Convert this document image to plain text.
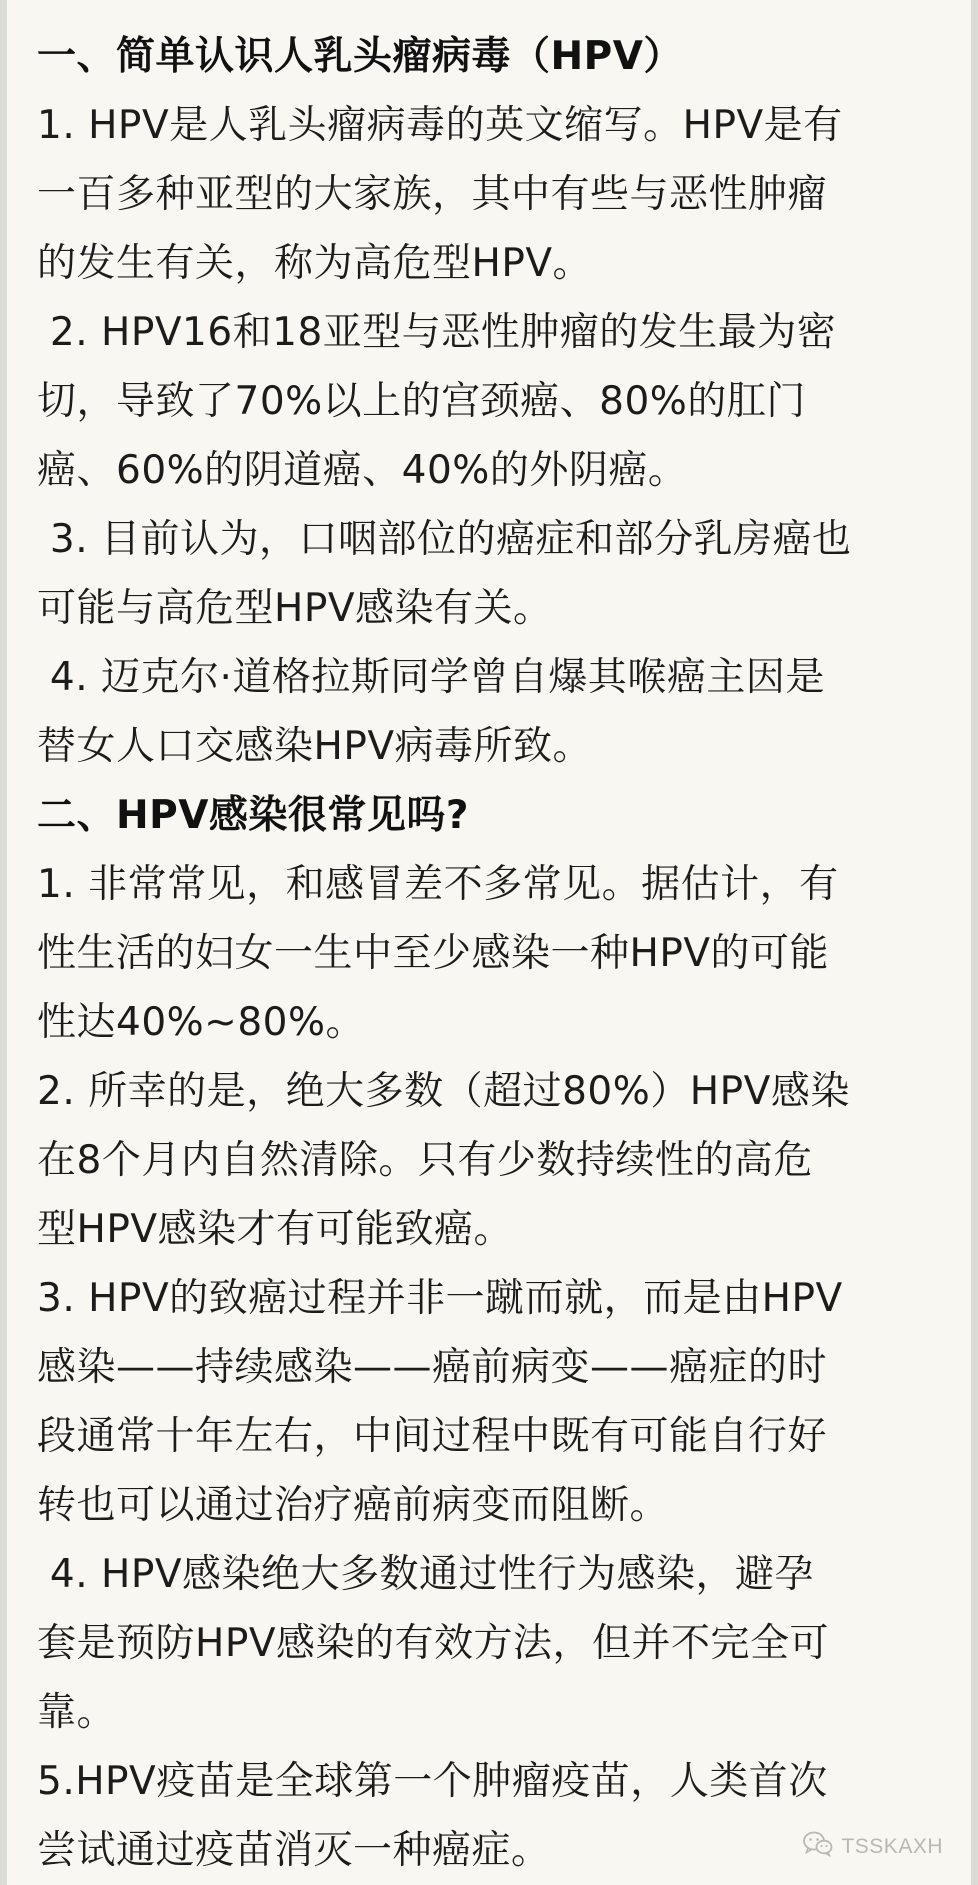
一、简单认识人乳头瘤病毒（HPV）
1. HPV是人乳头瘤病毒的英文缩写。HPV是有
一百多种亚型的大家族，其中有些与恶性肿瘤
的发生有关，称为高危型HPV。
2. HPV16和18亚型与恶性肿瘤的发生最为密
切，导致了70%以上的宫颈癌、80%的肛门
癌、60%的阴道癌、40%的外阴癌。
3. 目前认为，口咽部位的癌症和部分乳房癌也
可能与高危型HPV感染有关。
4. 迈克尔·道格拉斯同学曾自爆其喉癌主因是
替女人口交感染HPV病毒所致。
二、HPV感染很常见吗?
1. 非常常见，和感冒差不多常见。据估计，有
性生活的妇女一生中至少感染一种HPV的可能
性达40%~80%。
2. 所幸的是，绝大多数（超过80%）HPV感染
在8个月内自然清除。只有少数持续性的高危
型HPV感染才有可能致癌。
3. HPV的致癌过程并非一蹴而就，而是由HPV
感染——持续感染——癌前病变——癌症的时
段通常十年左右，中间过程中既有可能自行好
转也可以通过治疗癌前病变而阻断。
4. HPV感染绝大多数通过性行为感染，避孕
套是预防HPV感染的有效方法，但并不完全可
靠。
5.HPV疫苗是全球第一个肿瘤疫苗，人类首次
尝试通过疫苗消灭一种癌症。	TSSKAXH
